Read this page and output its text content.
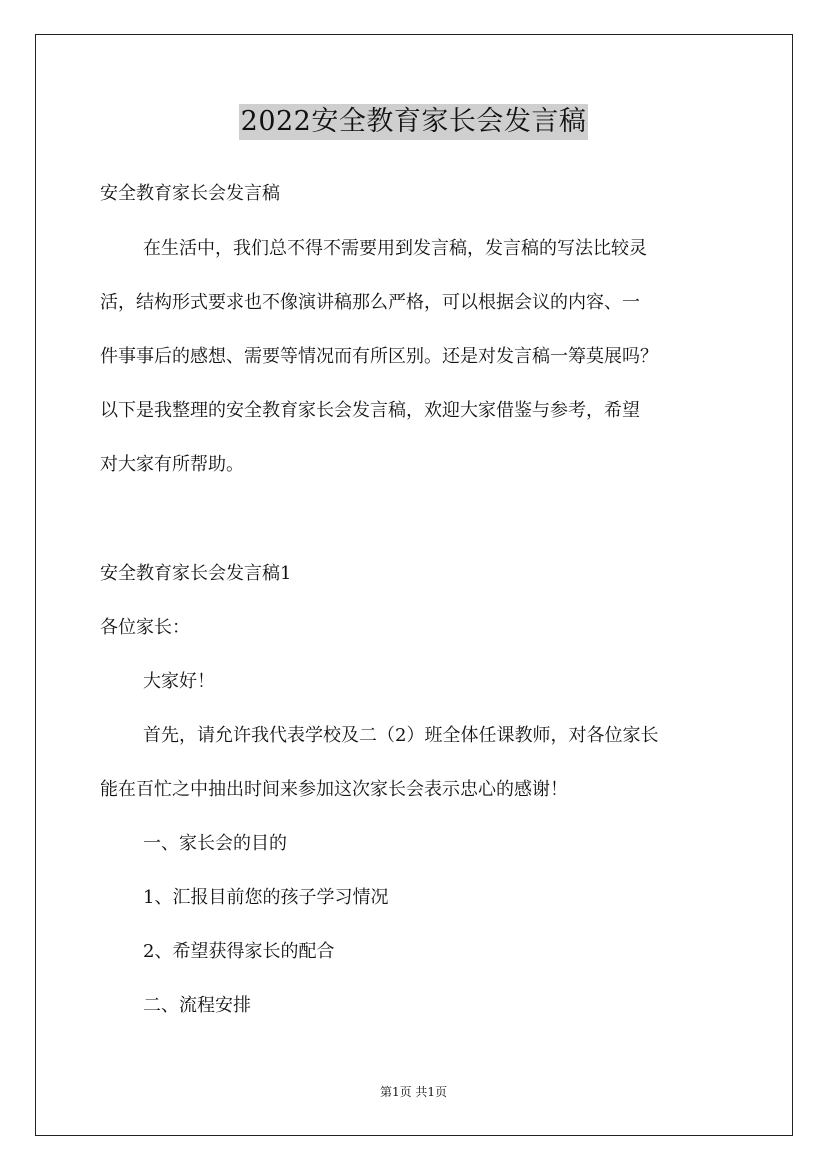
2022安全教育家长会发言稿
安全教育家长会发言稿
在生活中，我们总不得不需要用到发言稿，发言稿的写法比较灵
活，结构形式要求也不像演讲稿那么严格，可以根据会议的内容、一
件事事后的感想、需要等情况而有所区别。还是对发言稿一筹莫展吗？
以下是我整理的安全教育家长会发言稿，欢迎大家借鉴与参考，希望
对大家有所帮助。
安全教育家长会发言稿1
各位家长：
大家好！
首先，请允许我代表学校及二（2）班全体任课教师，对各位家长
能在百忙之中抽出时间来参加这次家长会表示忠心的感谢！
一、家长会的目的
1、汇报目前您的孩子学习情况
2、希望获得家长的配合
二、流程安排
第1页 共1页
